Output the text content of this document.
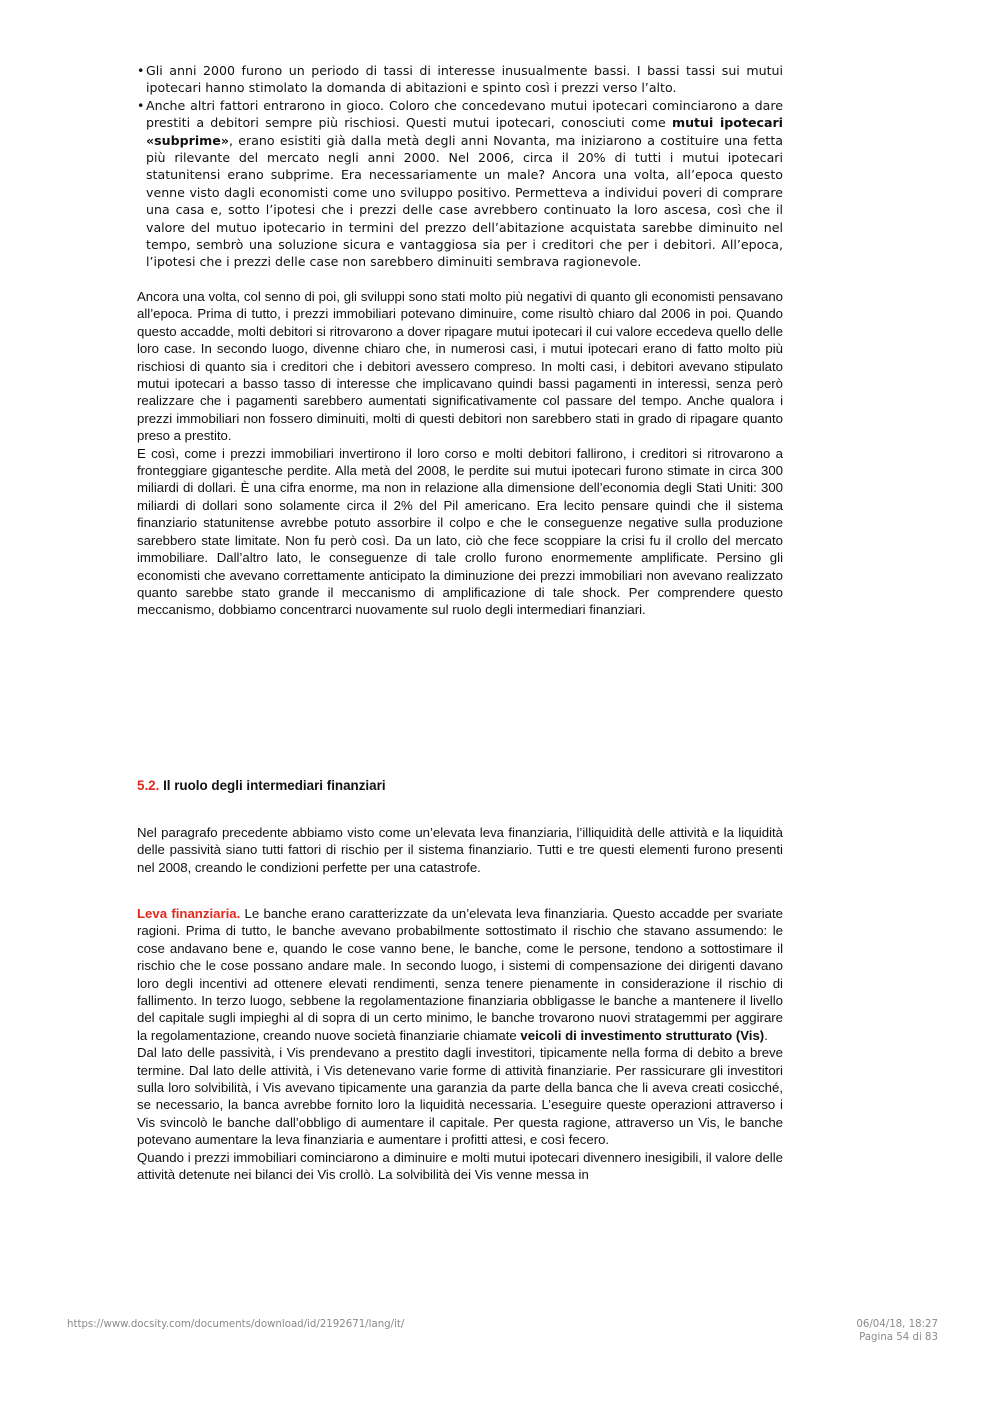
• Gli anni 2000 furono un periodo di tassi di interesse inusualmente bassi. I bassi tassi sui mutui ipotecari hanno stimolato la domanda di abitazioni e spinto così i prezzi verso l’alto.

• Anche altri fattori entrarono in gioco. Coloro che concedevano mutui ipotecari cominciarono a dare prestiti a debitori sempre più rischiosi. Questi mutui ipotecari, conosciuti come mutui ipotecari «subprime», erano esistiti già dalla metà degli anni Novanta, ma iniziarono a costituire una fetta più rilevante del mercato negli anni 2000. Nel 2006, circa il 20% di tutti i mutui ipotecari statunitensi erano subprime. Era necessariamente un male? Ancora una volta, all’epoca questo venne visto dagli economisti come uno sviluppo positivo. Permetteva a individui poveri di comprare una casa e, sotto l’ipotesi che i prezzi delle case avrebbero continuato la loro ascesa, così che il valore del mutuo ipotecario in termini del prezzo dell’abitazione acquistata sarebbe diminuito nel tempo, sembrò una soluzione sicura e vantaggiosa sia per i creditori che per i debitori. All’epoca, l’ipotesi che i prezzi delle case non sarebbero diminuiti sembrava ragionevole.

Ancora una volta, col senno di poi, gli sviluppi sono stati molto più negativi di quanto gli economisti pensavano all’epoca. Prima di tutto, i prezzi immobiliari potevano diminuire, come risultò chiaro dal 2006 in poi. Quando questo accadde, molti debitori si ritrovarono a dover ripagare mutui ipotecari il cui valore eccedeva quello delle loro case. In secondo luogo, divenne chiaro che, in numerosi casi, i mutui ipotecari erano di fatto molto più rischiosi di quanto sia i creditori che i debitori avessero compreso. In molti casi, i debitori avevano stipulato mutui ipotecari a basso tasso di interesse che implicavano quindi bassi pagamenti in interessi, senza però realizzare che i pagamenti sarebbero aumentati significativamente col passare del tempo. Anche qualora i prezzi immobiliari non fossero diminuiti, molti di questi debitori non sarebbero stati in grado di ripagare quanto preso a prestito.

E così, come i prezzi immobiliari invertirono il loro corso e molti debitori fallirono, i creditori si ritrovarono a fronteggiare gigantesche perdite. Alla metà del 2008, le perdite sui mutui ipotecari furono stimate in circa 300 miliardi di dollari. È una cifra enorme, ma non in relazione alla dimensione dell’economia degli Stati Uniti: 300 miliardi di dollari sono solamente circa il 2% del Pil americano. Era lecito pensare quindi che il sistema finanziario statunitense avrebbe potuto assorbire il colpo e che le conseguenze negative sulla produzione sarebbero state limitate. Non fu però così. Da un lato, ciò che fece scoppiare la crisi fu il crollo del mercato immobiliare. Dall’altro lato, le conseguenze di tale crollo furono enormemente amplificate. Persino gli economisti che avevano correttamente anticipato la diminuzione dei prezzi immobiliari non avevano realizzato quanto sarebbe stato grande il meccanismo di amplificazione di tale shock. Per comprendere questo meccanismo, dobbiamo concentrarci nuovamente sul ruolo degli intermediari finanziari.

5.2. Il ruolo degli intermediari finanziari

Nel paragrafo precedente abbiamo visto come un’elevata leva finanziaria, l’illiquidità delle attività e la liquidità delle passività siano tutti fattori di rischio per il sistema finanziario. Tutti e tre questi elementi furono presenti nel 2008, creando le condizioni perfette per una catastrofe.

Leva finanziaria. Le banche erano caratterizzate da un’elevata leva finanziaria. Questo accadde per svariate ragioni. Prima di tutto, le banche avevano probabilmente sottostimato il rischio che stavano assumendo: le cose andavano bene e, quando le cose vanno bene, le banche, come le persone, tendono a sottostimare il rischio che le cose possano andare male. In secondo luogo, i sistemi di compensazione dei dirigenti davano loro degli incentivi ad ottenere elevati rendimenti, senza tenere pienamente in considerazione il rischio di fallimento. In terzo luogo, sebbene la regolamentazione finanziaria obbligasse le banche a mantenere il livello del capitale sugli impieghi al di sopra di un certo minimo, le banche trovarono nuovi stratagemmi per aggirare la regolamentazione, creando nuove società finanziarie chiamate veicoli di investimento strutturato (Vis).

Dal lato delle passività, i Vis prendevano a prestito dagli investitori, tipicamente nella forma di debito a breve termine. Dal lato delle attività, i Vis detenevano varie forme di attività finanziarie. Per rassicurare gli investitori sulla loro solvibilità, i Vis avevano tipicamente una garanzia da parte della banca che li aveva creati cosicché, se necessario, la banca avrebbe fornito loro la liquidità necessaria. L’eseguire queste operazioni attraverso i Vis svincolò le banche dall’obbligo di aumentare il capitale. Per questa ragione, attraverso un Vis, le banche potevano aumentare la leva finanziaria e aumentare i profitti attesi, e così fecero.

Quando i prezzi immobiliari cominciarono a diminuire e molti mutui ipotecari divennero inesigibili, il valore delle attività detenute nei bilanci dei Vis crollò. La solvibilità dei Vis venne messa in

https://www.docsity.com/documents/download/id/2192671/lang/it/	06/04/18, 18:27
Pagina 54 di 83
